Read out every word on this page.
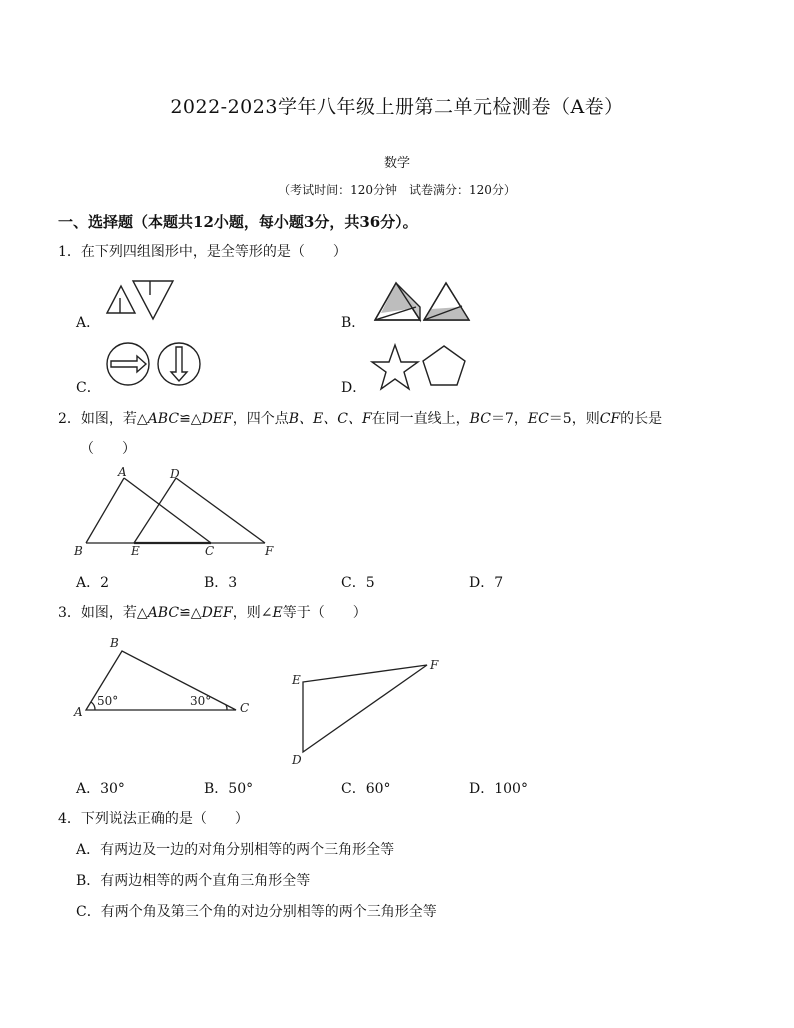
2022-2023学年八年级上册第二单元检测卷（A卷）
数学
（考试时间：120分钟　试卷满分：120分）
一、选择题（本题共12小题，每小题3分，共36分）。
1．在下列四组图形中，是全等形的是（　　）
A．	B．
C．	D．
A	D
B	E	C	F
B
A	C
50°	30°
E
F
D
2．如图，若△ABC≌△DEF，四个点B、E、C、F在同一直线上，BC＝7，EC＝5，则CF的长是
（　　）
A．2	B．3	C．5	D．7
3．如图，若△ABC≌△DEF，则∠E等于（　　）
A．30°	B．50°	C．60°	D．100°
4．下列说法正确的是（　　）
A．有两边及一边的对角分别相等的两个三角形全等
B．有两边相等的两个直角三角形全等
C．有两个角及第三个角的对边分别相等的两个三角形全等
